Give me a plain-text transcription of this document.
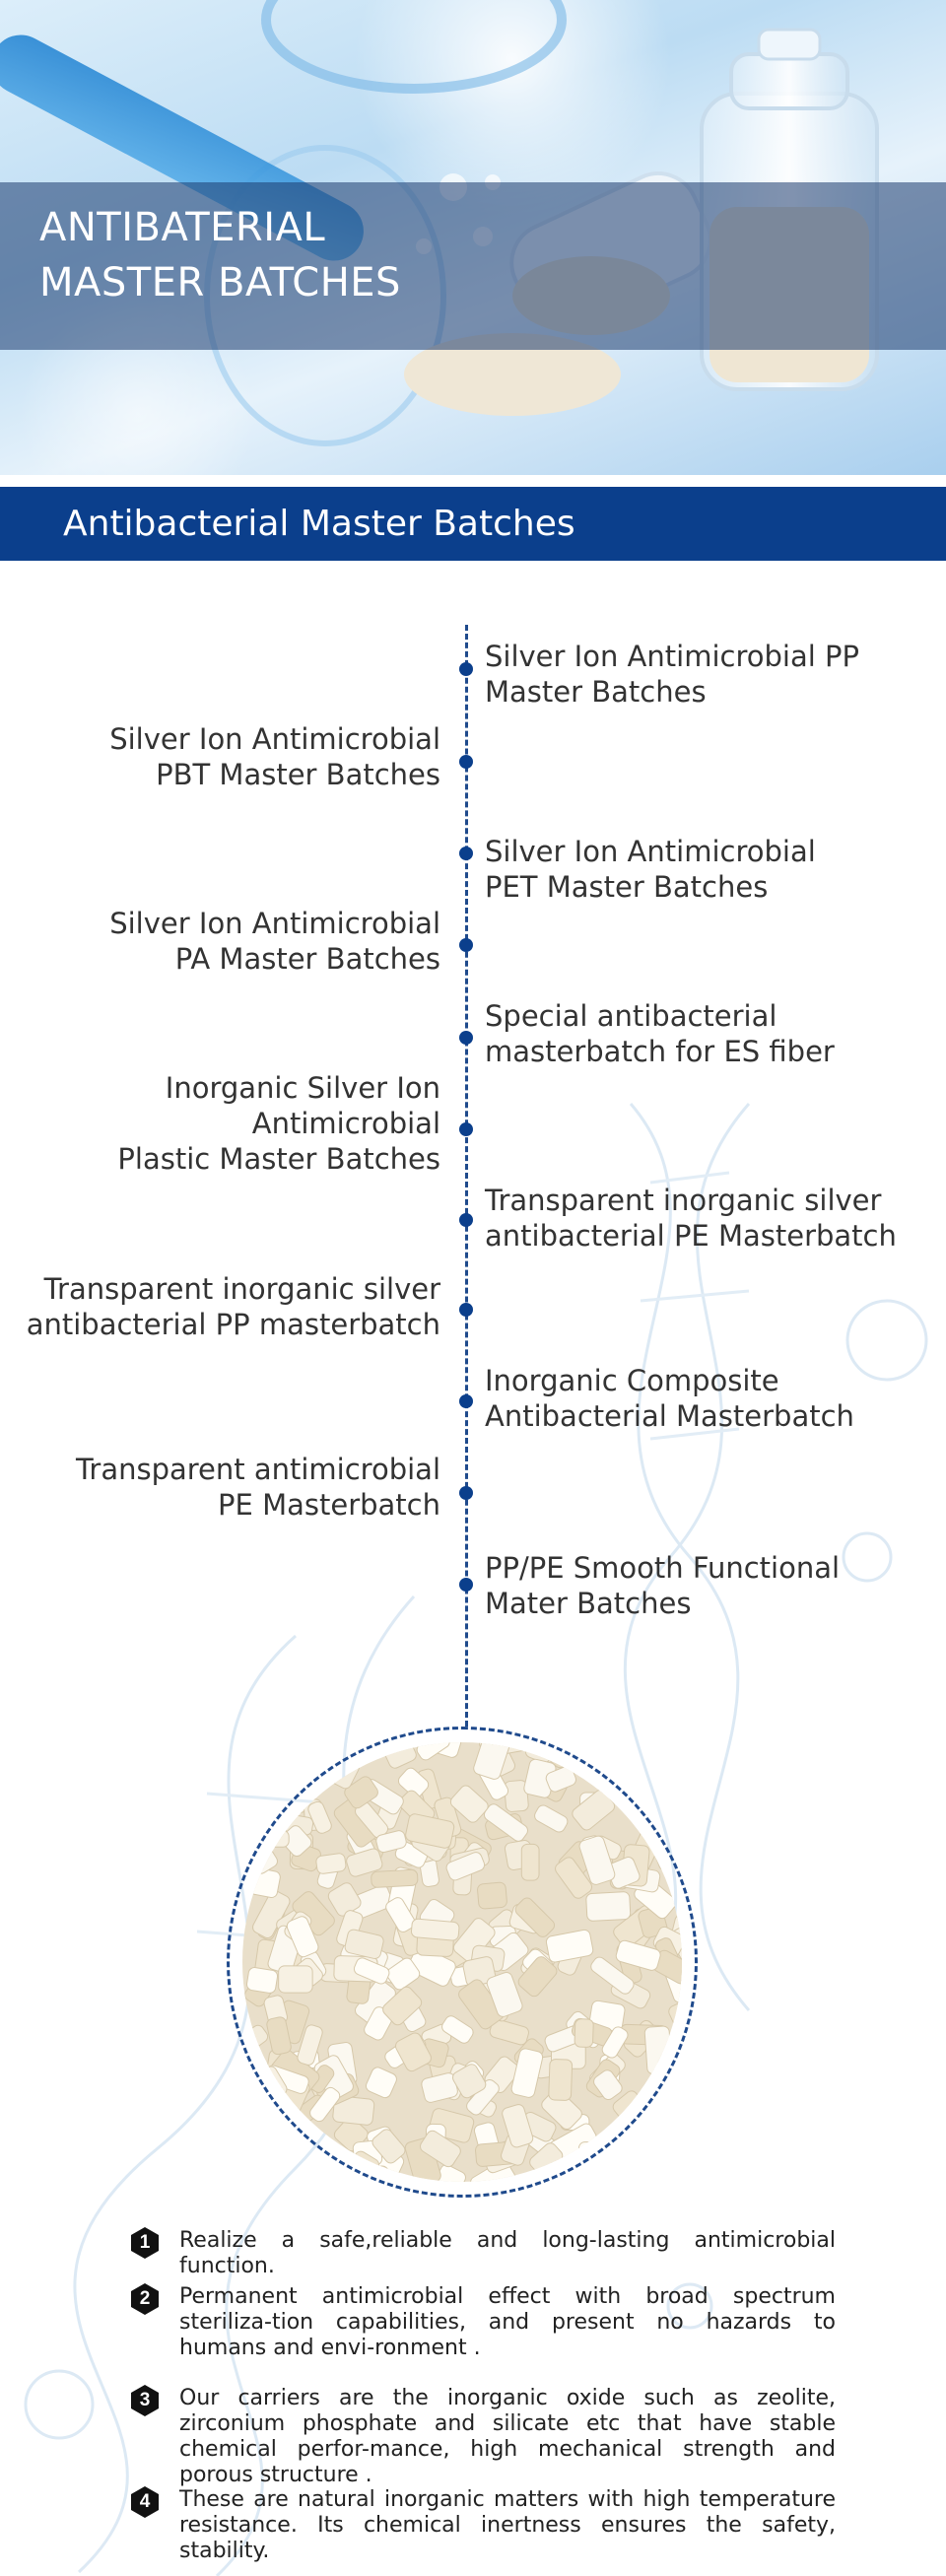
ANTIBATERIAL
MASTER BATCHES
Antibacterial Master Batches
Silver Ion Antimicrobial PP
Master Batches
Silver Ion Antimicrobial
PBT Master Batches
Silver Ion Antimicrobial
PET Master Batches
Silver Ion Antimicrobial
PA Master Batches
Special antibacterial
masterbatch for ES fiber
Inorganic Silver Ion
Antimicrobial
Plastic Master Batches
Transparent inorganic silver
antibacterial PE Masterbatch
Transparent inorganic silver
antibacterial PP masterbatch
Inorganic Composite
Antibacterial Masterbatch
Transparent antimicrobial
PE Masterbatch
PP/PE Smooth Functional
Mater Batches
1	Realize a safe,reliable and long-lasting antimicrobial function.
2	Permanent antimicrobial effect with broad spectrum steriliza-tion capabilities, and present no hazards to humans and envi-ronment .
3	Our carriers are the inorganic oxide such as zeolite, zirconium phosphate and silicate etc that have stable chemical perfor-mance, high mechanical strength and porous structure .
4	These are natural inorganic matters with high temperature resistance. Its chemical inertness ensures the safety, stability.
